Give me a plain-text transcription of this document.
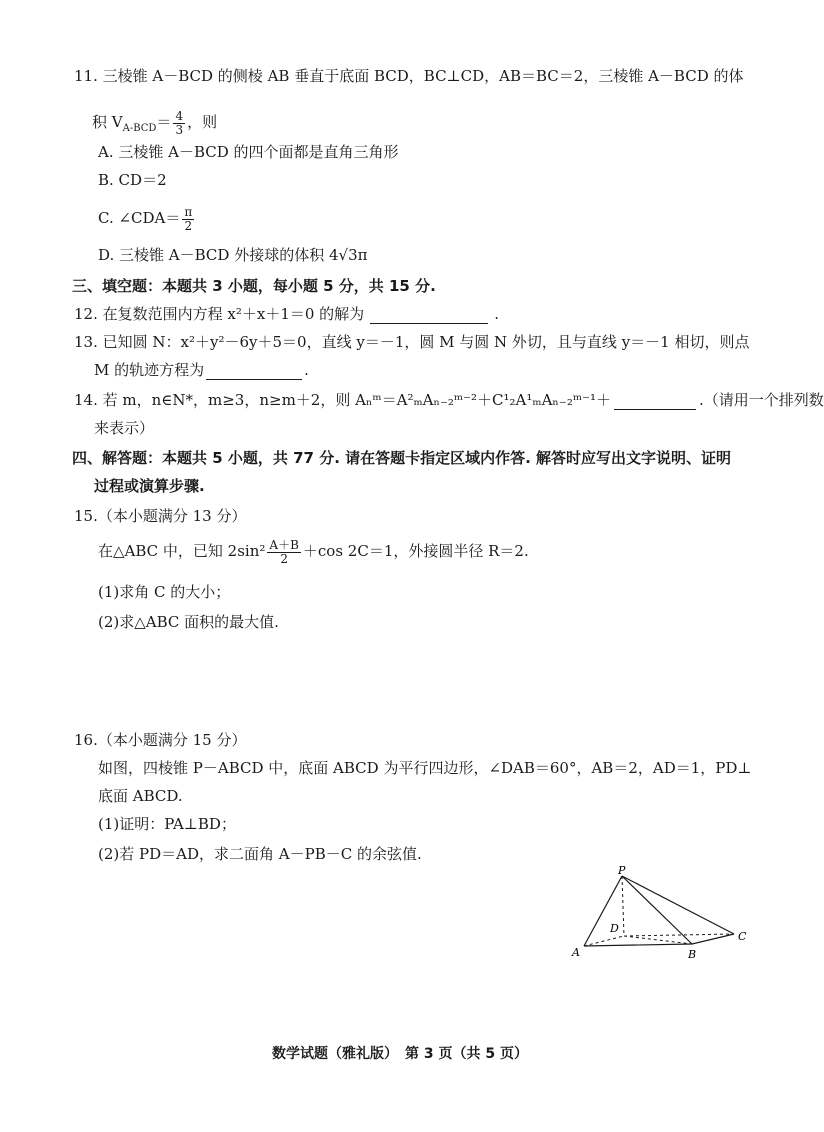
11. 三棱锥 A－BCD 的侧棱 AB 垂直于底面 BCD，BC⊥CD，AB＝BC＝2，三棱锥 A－BCD 的体
积 $V_{A-BCD}= \frac{4}{3}$ ，则
A. 三棱锥 A－BCD 的四个面都是直角三角形
B. CD＝2
C. ∠CDA＝ $\frac{\pi}{2}$
D. 三棱锥 A－BCD 外接球的体积 4√3π
三、填空题：本题共 3 小题，每小题 5 分，共 15 分.
12. 在复数范围内方程 x²＋x＋1＝0 的解为	.
13. 已知圆 N：x²＋y²－6y＋5＝0，直线 y＝－1，圆 M 与圆 N 外切，且与直线 y＝－1 相切，则点
M 的轨迹方程为	.
14. 若 m，n∈N*，m≥3，n≥m＋2，则 Aₙᵐ＝A²ₘAₙ₋₂ᵐ⁻²＋C¹₂A¹ₘAₙ₋₂ᵐ⁻¹＋	.（请用一个排列数
来表示）
四、解答题：本题共 5 小题，共 77 分. 请在答题卡指定区域内作答. 解答时应写出文字说明、证明
过程或演算步骤.
15.（本小题满分 13 分）
在△ABC 中，已知 $2\sin^2 \frac{A+B}{2} +\cos$ 2C＝1，外接圆半径 R＝2.
(1)求角 C 的大小；
(2)求△ABC 面积的最大值.
16.（本小题满分 15 分）
如图，四棱锥 P－ABCD 中，底面 ABCD 为平行四边形，∠DAB＝60°，AB＝2，AD＝1，PD⊥
底面 ABCD.
(1)证明：PA⊥BD；
(2)若 PD＝AD，求二面角 A－PB－C 的余弦值.
P
D
A	B
C
数学试题（雅礼版）　第 3 页（共 5 页）
